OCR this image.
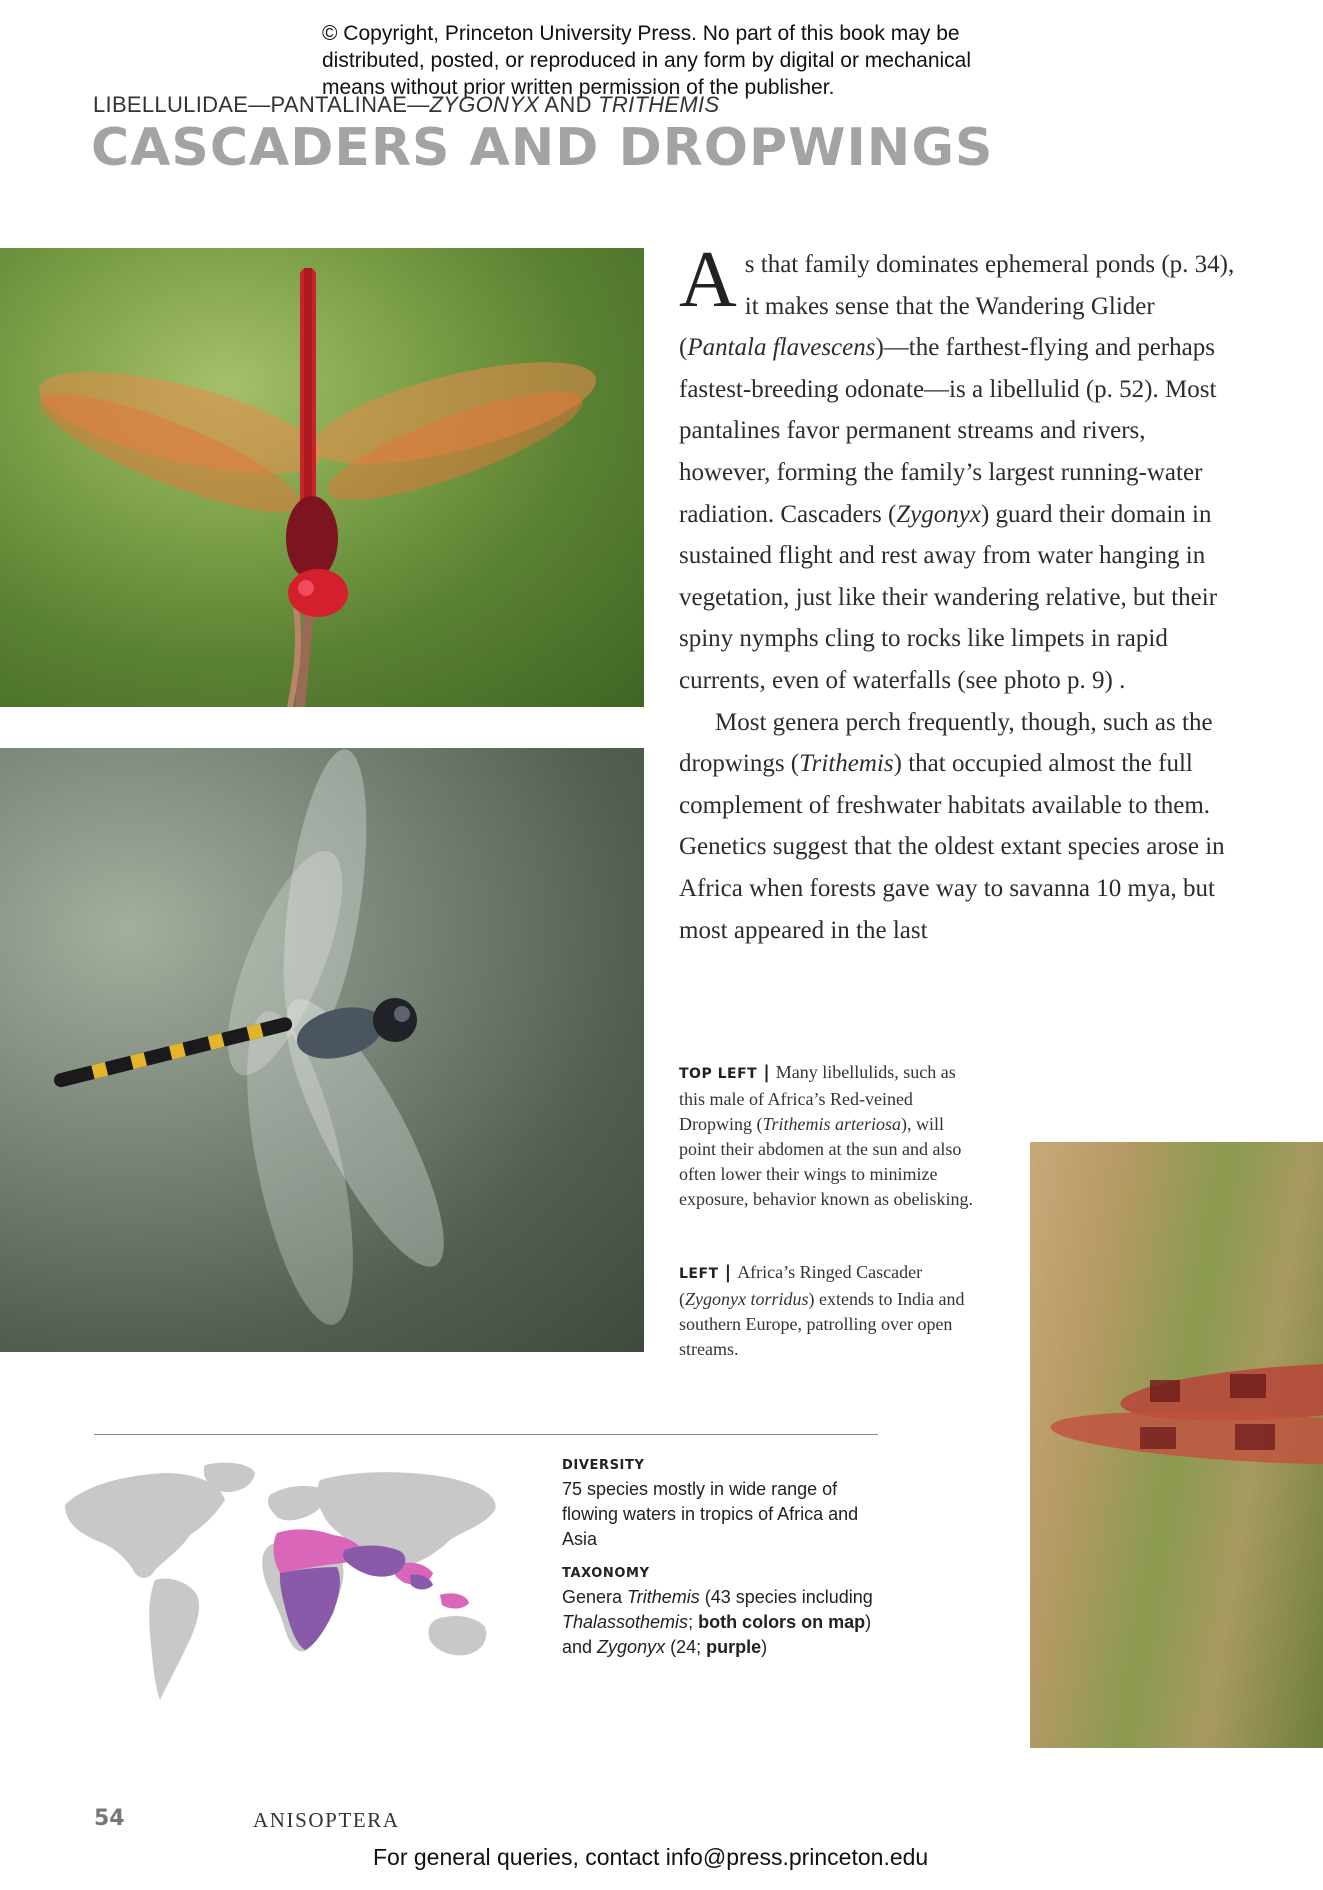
© Copyright, Princeton University Press. No part of this book may be
distributed, posted, or reproduced in any form by digital or mechanical
means without prior written permission of the publisher.
LIBELLULIDAE—PANTALINAE—ZYGONYX AND TRITHEMIS
CASCADERS AND DROPWINGS

As that family dominates ephemeral ponds (p. 34), it makes sense that the Wandering Glider (Pantala flavescens)—the farthest-flying and perhaps fastest-breeding odonate—is a libellulid (p. 52). Most pantalines favor permanent streams and rivers, however, forming the family’s largest running-water radiation. Cascaders (Zygonyx) guard their domain in sustained flight and rest away from water hanging in vegetation, just like their wandering relative, but their spiny nymphs cling to rocks like limpets in rapid currents, even of waterfalls (see photo p. 9) .

Most genera perch frequently, though, such as the dropwings (Trithemis) that occupied almost the full complement of freshwater habitats available to them. Genetics suggest that the oldest extant species arose in Africa when forests gave way to savanna 10 mya, but most appeared in the last

TOP LEFT | Many libellulids, such as this male of Africa’s Red-veined Dropwing (Trithemis arteriosa), will point their abdomen at the sun and also often lower their wings to minimize exposure, behavior known as obelisking.
LEFT | Africa’s Ringed Cascader (Zygonyx torridus) extends to India and southern Europe, patrolling over open streams.
DIVERSITY
75 species mostly in wide range of flowing waters in tropics of Africa and Asia
TAXONOMY
Genera Trithemis (43 species including Thalassothemis; both colors on map) and Zygonyx (24; purple)
54	ANISOPTERA
For general queries, contact info@press.princeton.edu
